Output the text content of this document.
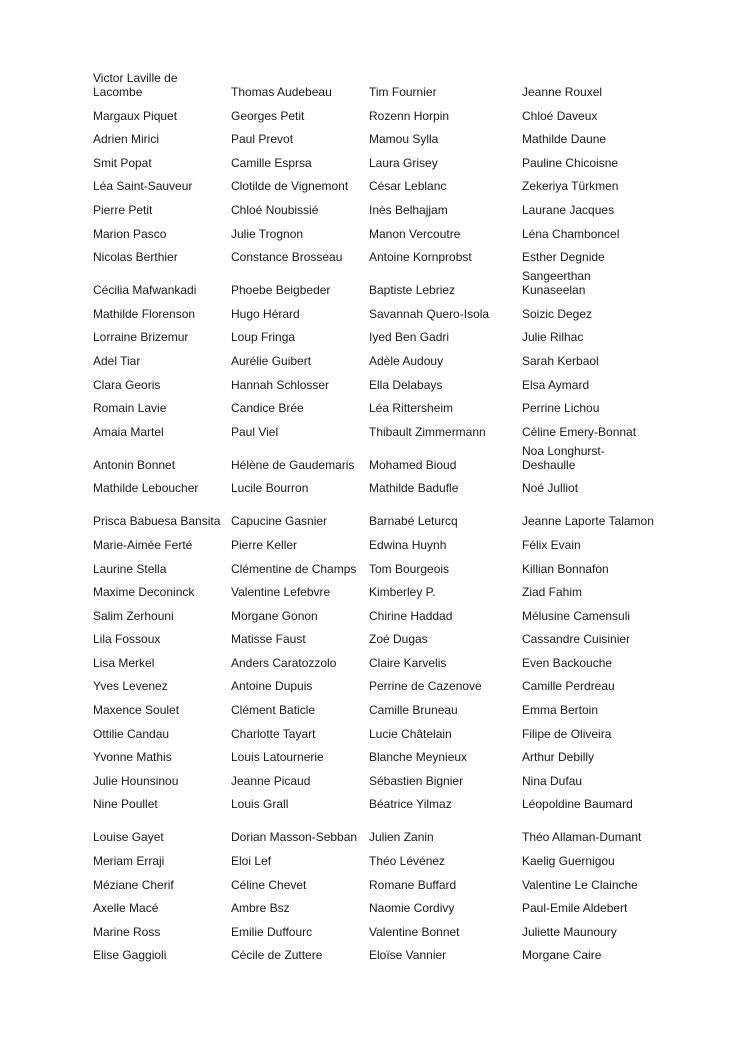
Victor Laville de Lacombe	Thomas Audebeau	Tim Fournier	Jeanne Rouxel
Margaux Piquet	Georges Petit	Rozenn Horpin	Chloé Daveux
Adrien Mirici	Paul Prevot	Mamou Sylla	Mathilde Daune
Smit Popat	Camille Esprsa	Laura Grisey	Pauline Chicoisne
Léa Saint-Sauveur	Clotilde de Vignemont	César Leblanc	Zekeriya Türkmen
Pierre Petit	Chloé Noubissié	Inès Belhajjam	Laurane Jacques
Marion Pasco	Julie Trognon	Manon Vercoutre	Léna Chamboncel
Nicolas Berthier	Constance Brosseau	Antoine Kornprobst	Esther Degnide
Cécilia Mafwankadi	Phoebe Beigbeder	Baptiste Lebriez	Sangeerthan Kunaseelan
Mathilde Florenson	Hugo Hérard	Savannah Quero-Isola	Soizic Degez
Lorraine Brizemur	Loup Fringa	Iyed Ben Gadri	Julie Rilhac
Adel Tiar	Aurélie Guibert	Adèle Audouy	Sarah Kerbaol
Clara Georis	Hannah Schlosser	Ella Delabays	Elsa Aymard
Romain Lavie	Candice Brée	Léa Rittersheim	Perrine Lichou
Amaia Martel	Paul Viel	Thibault Zimmermann	Céline Emery-Bonnat
Antonin Bonnet	Hélène de Gaudemaris	Mohamed Bioud	Noa Longhurst-Deshaulle
Mathilde Leboucher	Lucile Bourron	Mathilde Badufle	Noé Julliot
Prisca Babuesa Bansita	Capucine Gasnier	Barnabé Leturcq	Jeanne Laporte Talamon
Marie-Aimée Ferté	Pierre Keller	Edwina Huynh	Félix Evain
Laurine Stella	Clémentine de Champs	Tom Bourgeois	Killian Bonnafon
Maxime Deconinck	Valentine Lefebvre	Kimberley P.	Ziad Fahim
Salim Zerhouni	Morgane Gonon	Chirine Haddad	Mélusine Camensuli
Lila Fossoux	Matisse Faust	Zoé Dugas	Cassandre Cuisinier
Lisa Merkel	Anders Caratozzolo	Claire Karvelis	Even Backouche
Yves Levenez	Antoine Dupuis	Perrine de Cazenove	Camille Perdreau
Maxence Soulet	Clément Baticle	Camille Bruneau	Emma Bertoin
Ottilie Candau	Charlotte Tayart	Lucie Châtelain	Filipe de Oliveira
Yvonne Mathis	Louis Latournerie	Blanche Meynieux	Arthur Debilly
Julie Hounsinou	Jeanne Picaud	Sébastien Bignier	Nina Dufau
Nine Poullet	Louis Grall	Béatrice Yilmaz	Léopoldine Baumard
Louise Gayet	Dorian Masson-Sebban	Julien Zanin	Théo Allaman-Dumant
Meriam Erraji	Eloi Lef	Théo Lévénez	Kaelig Guernigou
Méziane Cherif	Céline Chevet	Romane Buffard	Valentine Le Clainche
Axelle Macé	Ambre Bsz	Naomie Cordivy	Paul-Emile Aldebert
Marine Ross	Emilie Duffourc	Valentine Bonnet	Juliette Maunoury
Elise Gaggioli	Cécile de Zuttere	Eloïse Vannier	Morgane Caire
